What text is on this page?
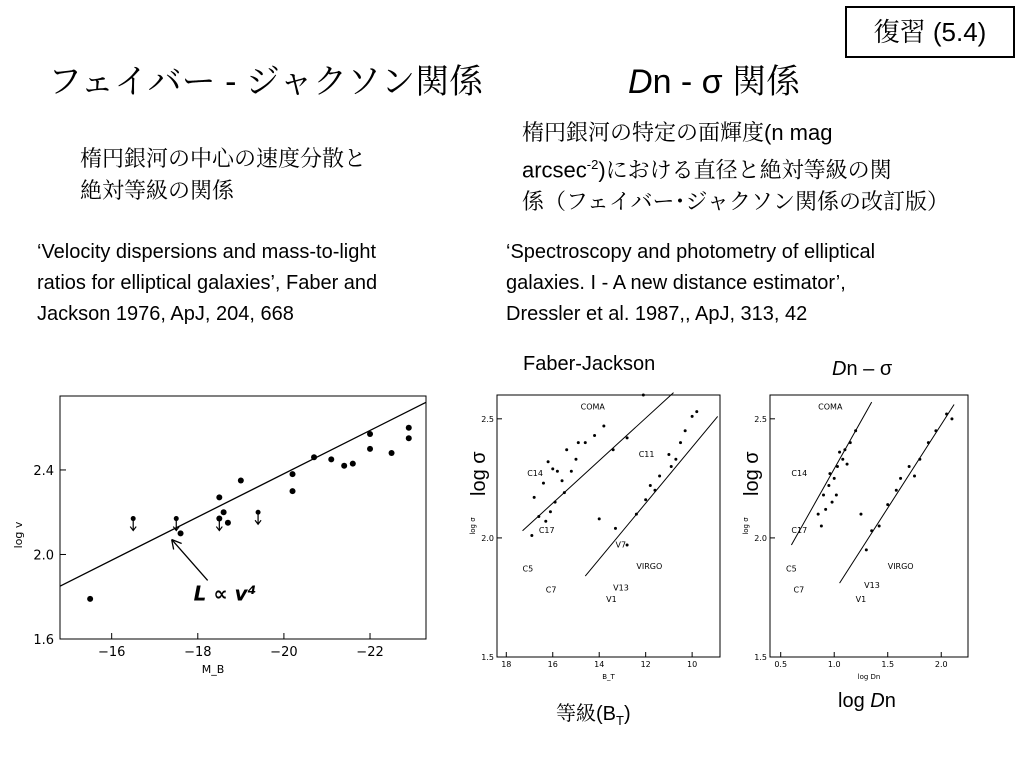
復習 (5.4)
フェイバー - ジャクソン関係	Dn - σ 関係
楕円銀河の中心の速度分散と
絶対等級の関係
楕円銀河の特定の面輝度(n mag
arcsec$^{-2}$)における直径と絶対等級の関
係（フェイバー･ジャクソン関係の改訂版）
‘Velocity dispersions and mass-to-light
ratios for elliptical galaxies’, Faber and
Jackson 1976, ApJ, 204, 668
‘Spectroscopy and photometry of elliptical
galaxies. I - A new distance estimator’,
Dressler et al. 1987,, ApJ, 313, 42
Faber-Jackson	Dn – σ
log σ	log σ
等級$(B_T)$
log Dn
1.6
2.0
2.4
−16	−18	−20	−22
log v
M_B
L ∝ v⁴
1.5
2.0
2.5
18	16	14	12	10
log σ
B_T
COMA
VIRGO
C14
C17
C11
C5
C7
V7
V13
V1
1.5
2.0
2.5
0.5	1.0	1.5	2.0
log σ
log Dn
COMA
VIRGO
C14
C17
C5
C7
V13
V1
